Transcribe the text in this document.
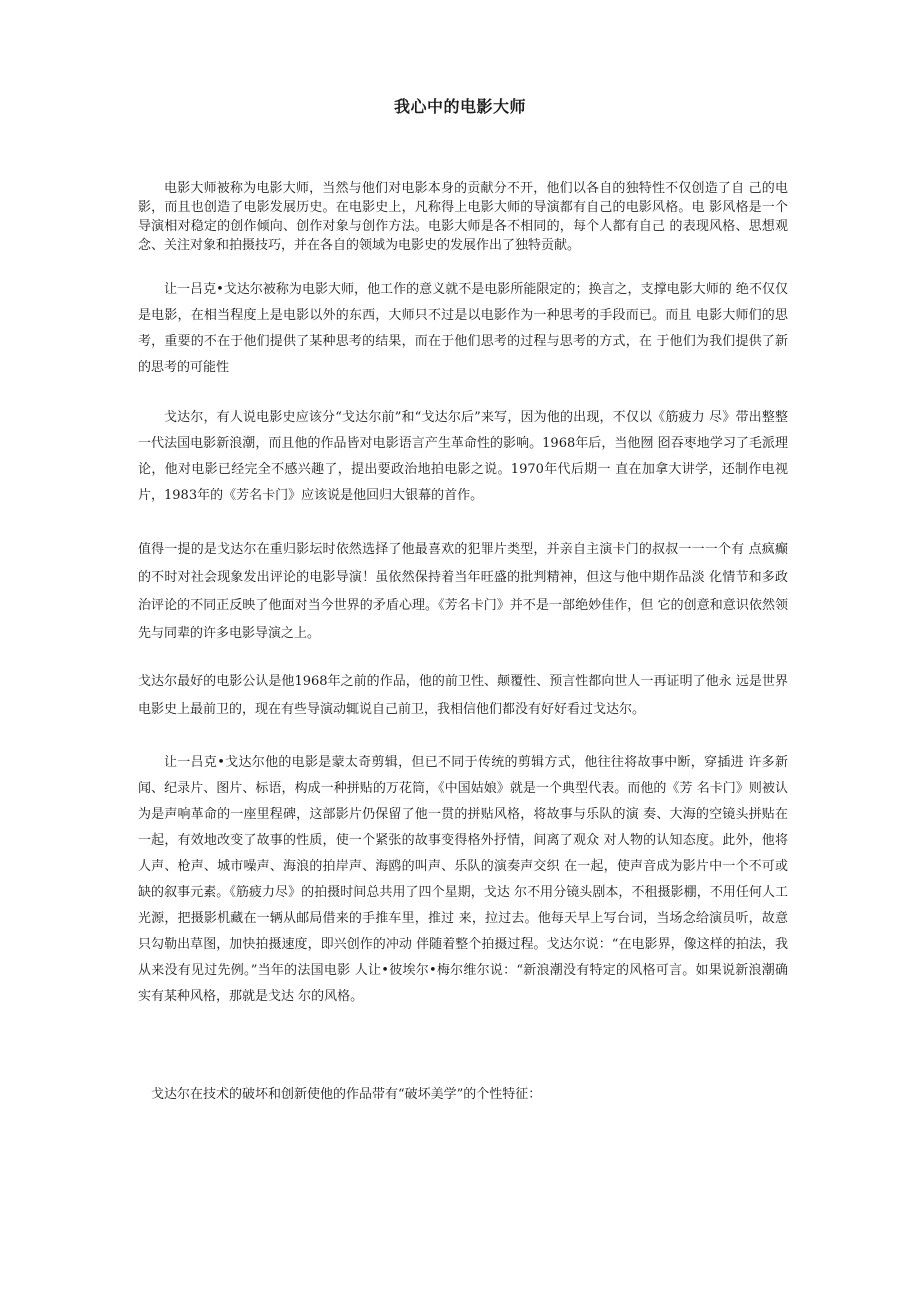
我心中的电影大师

电影大师被称为电影大师，当然与他们对电影本身的贡献分不开，他们以各自的独特性不仅创造了自 己的电影，而且也创造了电影发展历史。在电影史上，凡称得上电影大师的导演都有自己的电影风格。电 影风格是一个导演相对稳定的创作倾向、创作对象与创作方法。电影大师是各不相同的，每个人都有自己 的表现风格、思想观念、关注对象和拍摄技巧，并在各自的领域为电影史的发展作出了独特贡献。

让一吕克•戈达尔被称为电影大师，他工作的意义就不是电影所能限定的；换言之，支撑电影大师的 绝不仅仅是电影，在相当程度上是电影以外的东西，大师只不过是以电影作为一种思考的手段而已。而且 电影大师们的思考，重要的不在于他们提供了某种思考的结果，而在于他们思考的过程与思考的方式，在 于他们为我们提供了新的思考的可能性

戈达尔，有人说电影史应该分“戈达尔前”和“戈达尔后”来写，因为他的出现，不仅以《筋疲力 尽》带出整整一代法国电影新浪潮，而且他的作品皆对电影语言产生革命性的影响。1968年后，当他囫 囵吞枣地学习了毛派理论，他对电影已经完全不感兴趣了，提出要政治地拍电影之说。1970年代后期一 直在加拿大讲学，还制作电视片，1983年的《芳名卡门》应该说是他回归大银幕的首作。

值得一提的是戈达尔在重归影坛时依然选择了他最喜欢的犯罪片类型，并亲自主演卡门的叔叔一一一个有 点疯癫的不时对社会现象发出评论的电影导演！虽依然保持着当年旺盛的批判精神，但这与他中期作品淡 化情节和多政治评论的不同正反映了他面对当今世界的矛盾心理。《芳名卡门》并不是一部绝妙佳作，但 它的创意和意识依然领先与同辈的许多电影导演之上。

戈达尔最好的电影公认是他1968年之前的作品，他的前卫性、颠覆性、预言性都向世人一再证明了他永 远是世界电影史上最前卫的，现在有些导演动辄说自己前卫，我相信他们都没有好好看过戈达尔。

让一吕克•戈达尔他的电影是蒙太奇剪辑，但已不同于传统的剪辑方式，他往往将故事中断，穿插进 许多新闻、纪录片、图片、标语，构成一种拼贴的万花筒，《中国姑娘》就是一个典型代表。而他的《芳 名卡门》则被认为是声响革命的一座里程碑，这部影片仍保留了他一贯的拼贴风格，将故事与乐队的演 奏、大海的空镜头拼贴在一起，有效地改变了故事的性质，使一个紧张的故事变得格外抒情，间离了观众 对人物的认知态度。此外，他将人声、枪声、城市噪声、海浪的拍岸声、海鸥的叫声、乐队的演奏声交织 在一起，使声音成为影片中一个不可或缺的叙事元素。《筋疲力尽》的拍摄时间总共用了四个星期，戈达 尔不用分镜头剧本，不租摄影棚，不用任何人工光源，把摄影机藏在一辆从邮局借来的手推车里，推过 来，拉过去。他每天早上写台词，当场念给演员听，故意只勾勒出草图，加快拍摄速度，即兴创作的冲动 伴随着整个拍摄过程。戈达尔说：“在电影界，像这样的拍法，我从来没有见过先例。”当年的法国电影 人让•彼埃尔•梅尔维尔说：“新浪潮没有特定的风格可言。如果说新浪潮确实有某种风格，那就是戈达 尔的风格。

戈达尔在技术的破坏和创新使他的作品带有“破坏美学”的个性特征：
